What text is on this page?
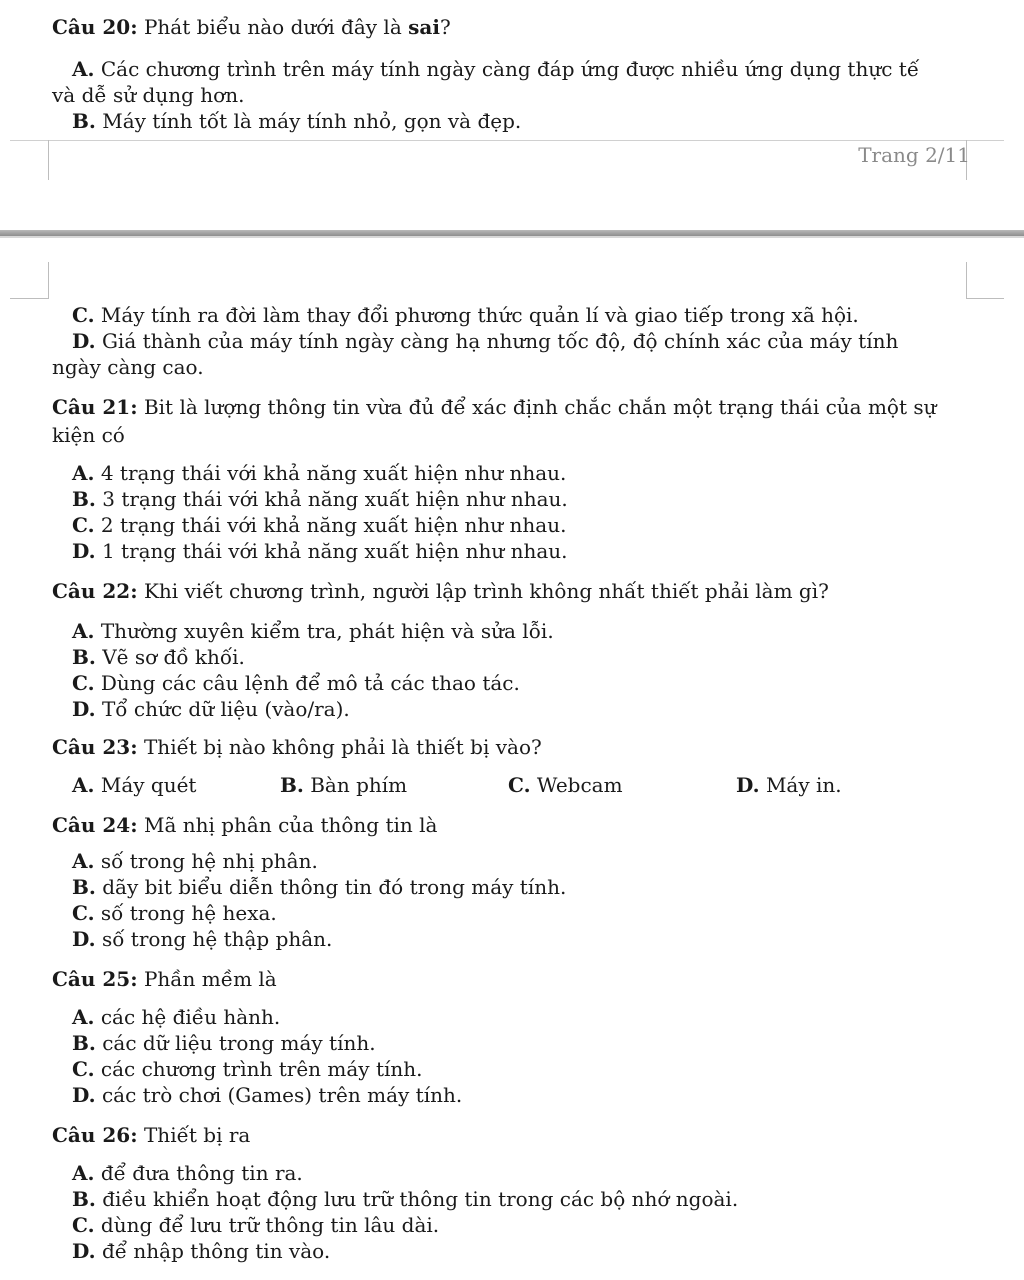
Câu 20: Phát biểu nào dưới đây là sai?

A. Các chương trình trên máy tính ngày càng đáp ứng được nhiều ứng dụng thực tế

và dễ sử dụng hơn.

B. Máy tính tốt là máy tính nhỏ, gọn và đẹp.

Trang 2/11

C. Máy tính ra đời làm thay đổi phương thức quản lí và giao tiếp trong xã hội.

D. Giá thành của máy tính ngày càng hạ nhưng tốc độ, độ chính xác của máy tính

ngày càng cao.

Câu 21: Bit là lượng thông tin vừa đủ để xác định chắc chắn một trạng thái của một sự

kiện có

A. 4 trạng thái với khả năng xuất hiện như nhau.

B. 3 trạng thái với khả năng xuất hiện như nhau.

C. 2 trạng thái với khả năng xuất hiện như nhau.

D. 1 trạng thái với khả năng xuất hiện như nhau.

Câu 22: Khi viết chương trình, người lập trình không nhất thiết phải làm gì?

A. Thường xuyên kiểm tra, phát hiện và sửa lỗi.

B. Vẽ sơ đồ khối.

C. Dùng các câu lệnh để mô tả các thao tác.

D. Tổ chức dữ liệu (vào/ra).

Câu 23: Thiết bị nào không phải là thiết bị vào?

A. Máy quét	B. Bàn phím	C. Webcam	D. Máy in.

Câu 24: Mã nhị phân của thông tin là

A. số trong hệ nhị phân.

B. dãy bit biểu diễn thông tin đó trong máy tính.

C. số trong hệ hexa.

D. số trong hệ thập phân.

Câu 25: Phần mềm là

A. các hệ điều hành.

B. các dữ liệu trong máy tính.

C. các chương trình trên máy tính.

D. các trò chơi (Games) trên máy tính.

Câu 26: Thiết bị ra

A. để đưa thông tin ra.

B. điều khiển hoạt động lưu trữ thông tin trong các bộ nhớ ngoài.

C. dùng để lưu trữ thông tin lâu dài.

D. để nhập thông tin vào.
